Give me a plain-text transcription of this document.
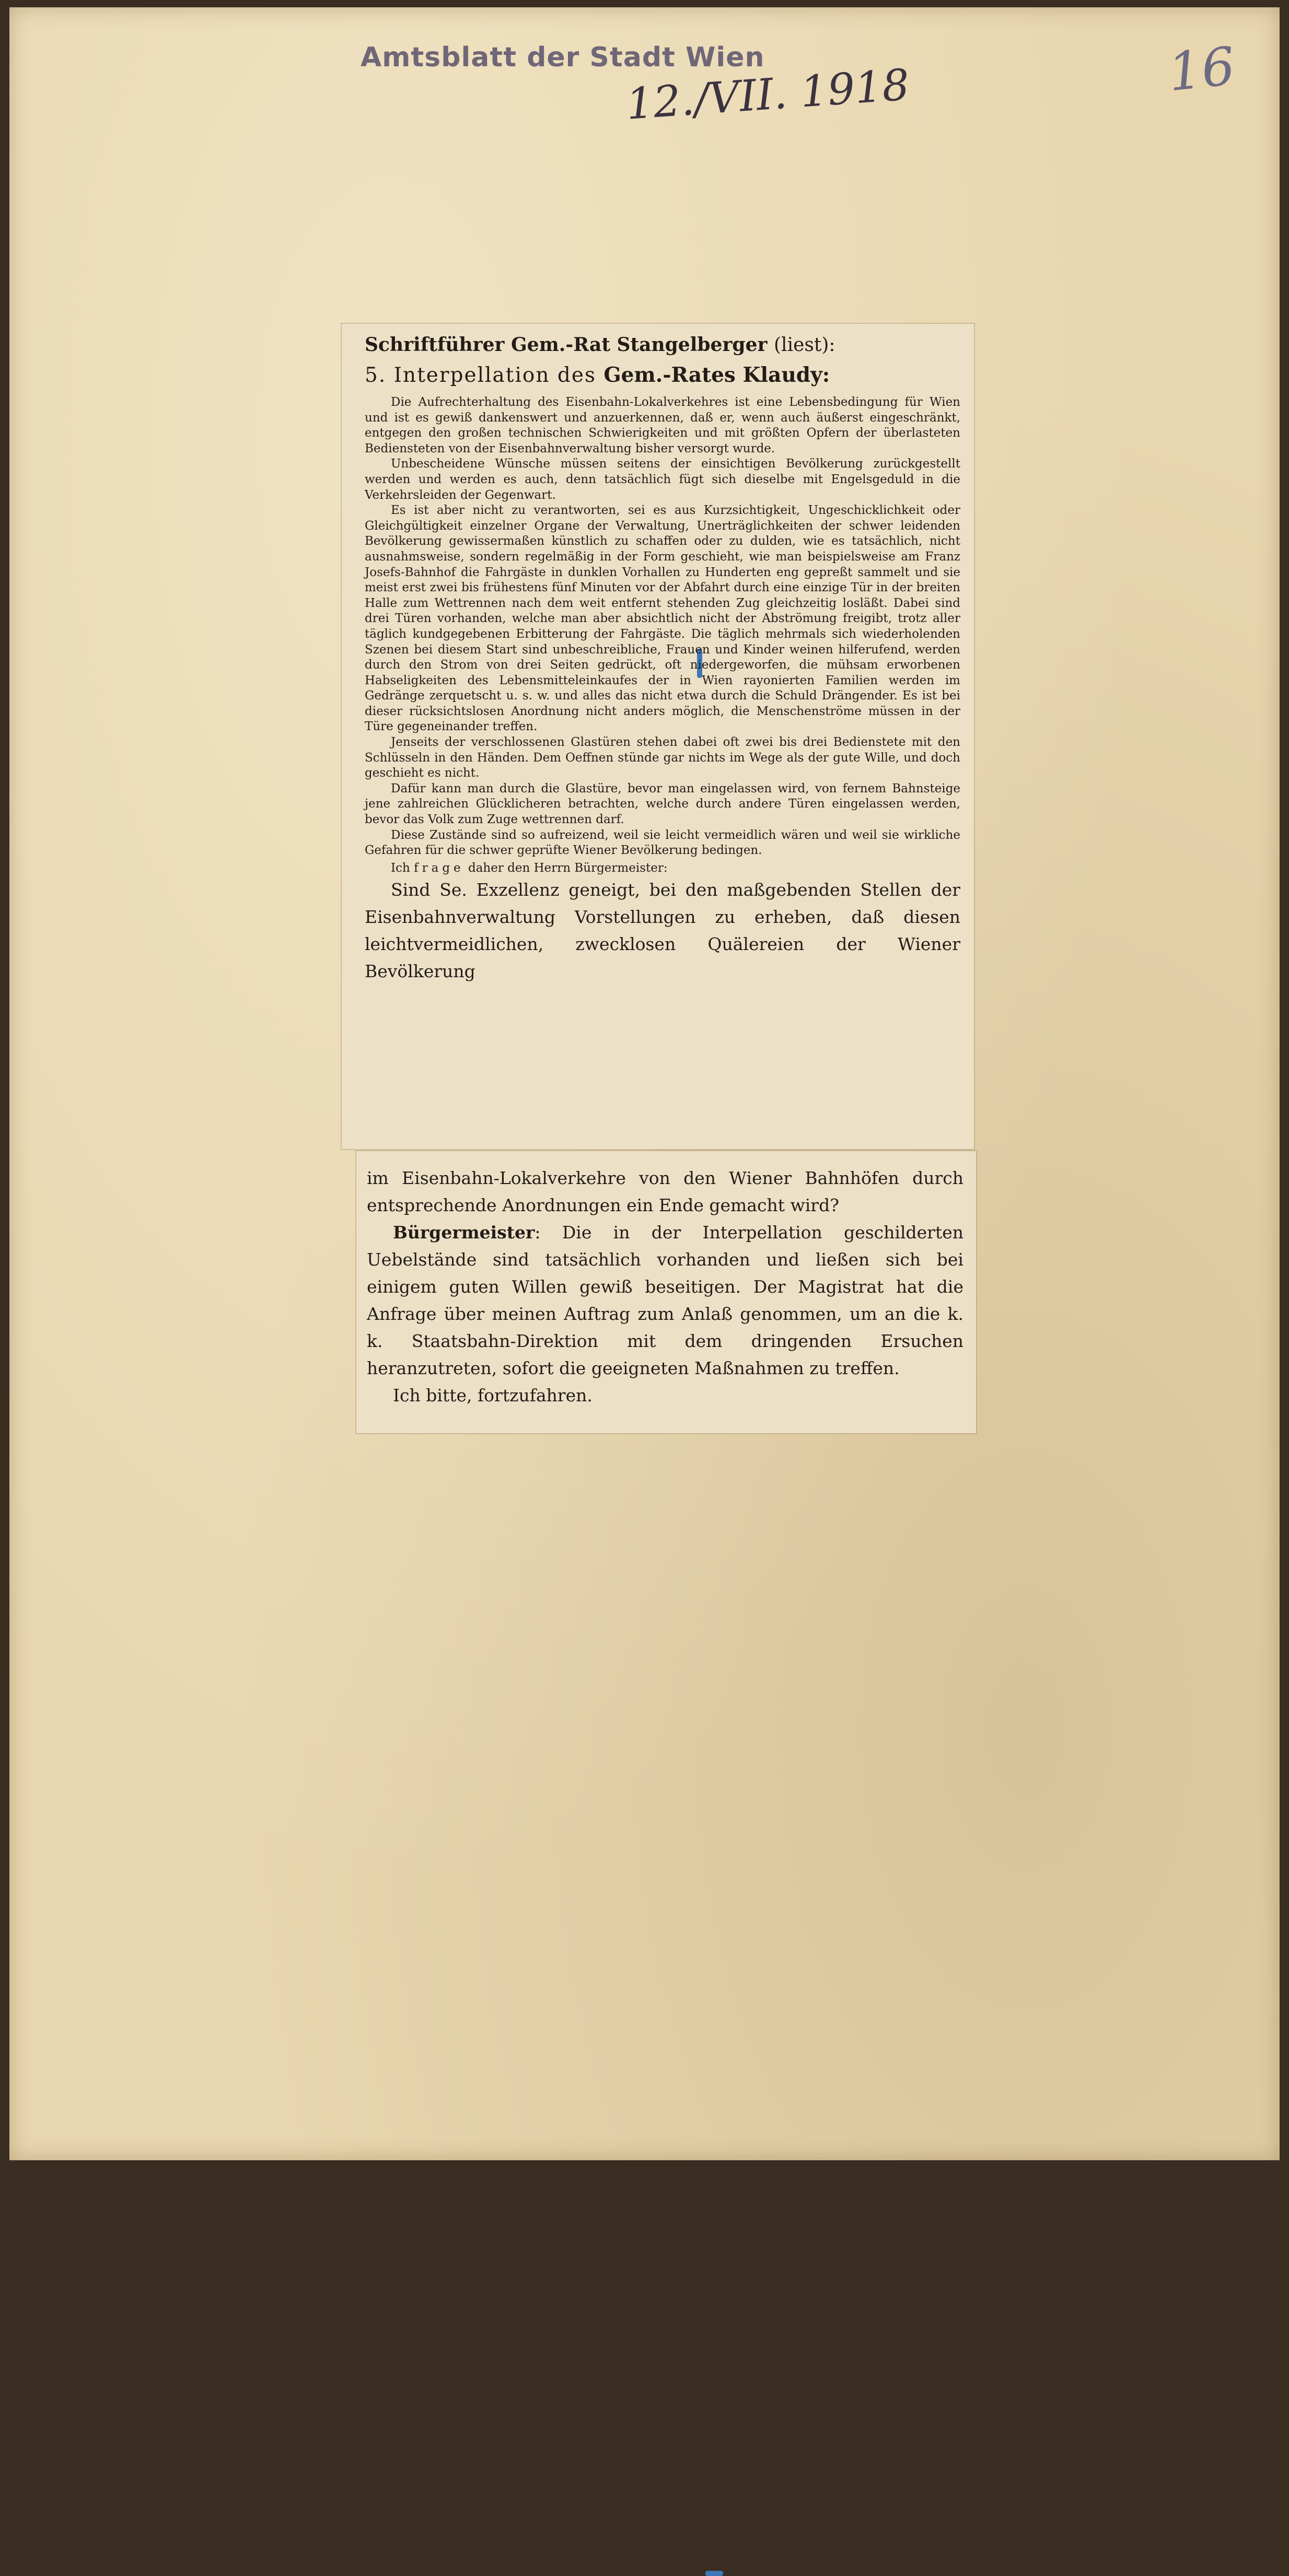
Amtsblatt der Stadt Wien
12./VII. 1918	16
Schriftführer Gem.-Rat Stangelberger (liest):
5. Interpellation des Gem.-Rates Klaudy:

Die Aufrechterhaltung des Eisenbahn-Lokalverkehres ist eine Lebensbedingung für Wien und ist es gewiß dankenswert und anzuerkennen, daß er, wenn auch äußerst eingeschränkt, entgegen den großen technischen Schwierigkeiten und mit größten Opfern der überlasteten Bediensteten von der Eisenbahnverwaltung bisher versorgt wurde.

Unbescheidene Wünsche müssen seitens der einsichtigen Bevölkerung zurückgestellt werden und werden es auch, denn tatsächlich fügt sich dieselbe mit Engelsgeduld in die Verkehrsleiden der Gegenwart.

Es ist aber nicht zu verantworten, sei es aus Kurzsichtigkeit, Ungeschicklichkeit oder Gleichgültigkeit einzelner Organe der Verwaltung, Unerträglichkeiten der schwer leidenden Bevölkerung gewissermaßen künstlich zu schaffen oder zu dulden, wie es tatsächlich, nicht ausnahmsweise, sondern regelmäßig in der Form geschieht, wie man beispielsweise am Franz Josefs-Bahnhof die Fahrgäste in dunklen Vorhallen zu Hunderten eng gepreßt sammelt und sie meist erst zwei bis frühestens fünf Minuten vor der Abfahrt durch eine einzige Tür in der breiten Halle zum Wettrennen nach dem weit entfernt stehenden Zug gleichzeitig losläßt. Dabei sind drei Türen vorhanden, welche man aber absichtlich nicht der Abströmung freigibt, trotz aller täglich kundgegebenen Erbitterung der Fahrgäste. Die täglich mehrmals sich wiederholenden Szenen bei diesem Start sind unbeschreibliche, Frauen und Kinder weinen hilferufend, werden durch den Strom von drei Seiten gedrückt, oft niedergeworfen, die mühsam erworbenen Habseligkeiten des Lebensmitteleinkaufes der in Wien rayonierten Familien werden im Gedränge zerquetscht u. s. w. und alles das nicht etwa durch die Schuld Drängender. Es ist bei dieser rücksichtslosen Anordnung nicht anders möglich, die Menschenströme müssen in der Türe gegeneinander treffen.

Jenseits der verschlossenen Glastüren stehen dabei oft zwei bis drei Bedienstete mit den Schlüsseln in den Händen. Dem Oeffnen stünde gar nichts im Wege als der gute Wille, und doch geschieht es nicht.

Dafür kann man durch die Glastüre, bevor man eingelassen wird, von fernem Bahnsteige jene zahlreichen Glücklicheren betrachten, welche durch andere Türen eingelassen werden, bevor das Volk zum Zuge wettrennen darf.

Diese Zustände sind so aufreizend, weil sie leicht vermeidlich wären und weil sie wirkliche Gefahren für die schwer geprüfte Wiener Bevölkerung bedingen.

Ich frage daher den Herrn Bürgermeister:

Sind Se. Exzellenz geneigt, bei den maßgebenden Stellen der Eisenbahnverwaltung Vorstellungen zu erheben, daß diesen leichtvermeidlichen, zwecklosen Quälereien der Wiener Bevölkerung

im Eisenbahn-Lokalverkehre von den Wiener Bahnhöfen durch entsprechende Anordnungen ein Ende gemacht wird?

Bürgermeister: Die in der Interpellation geschilderten Uebelstände sind tatsächlich vorhanden und ließen sich bei einigem guten Willen gewiß beseitigen. Der Magistrat hat die Anfrage über meinen Auftrag zum Anlaß genommen, um an die k. k. Staatsbahn-Direktion mit dem dringenden Ersuchen heranzutreten, sofort die geeigneten Maßnahmen zu treffen.

Ich bitte, fortzufahren.
